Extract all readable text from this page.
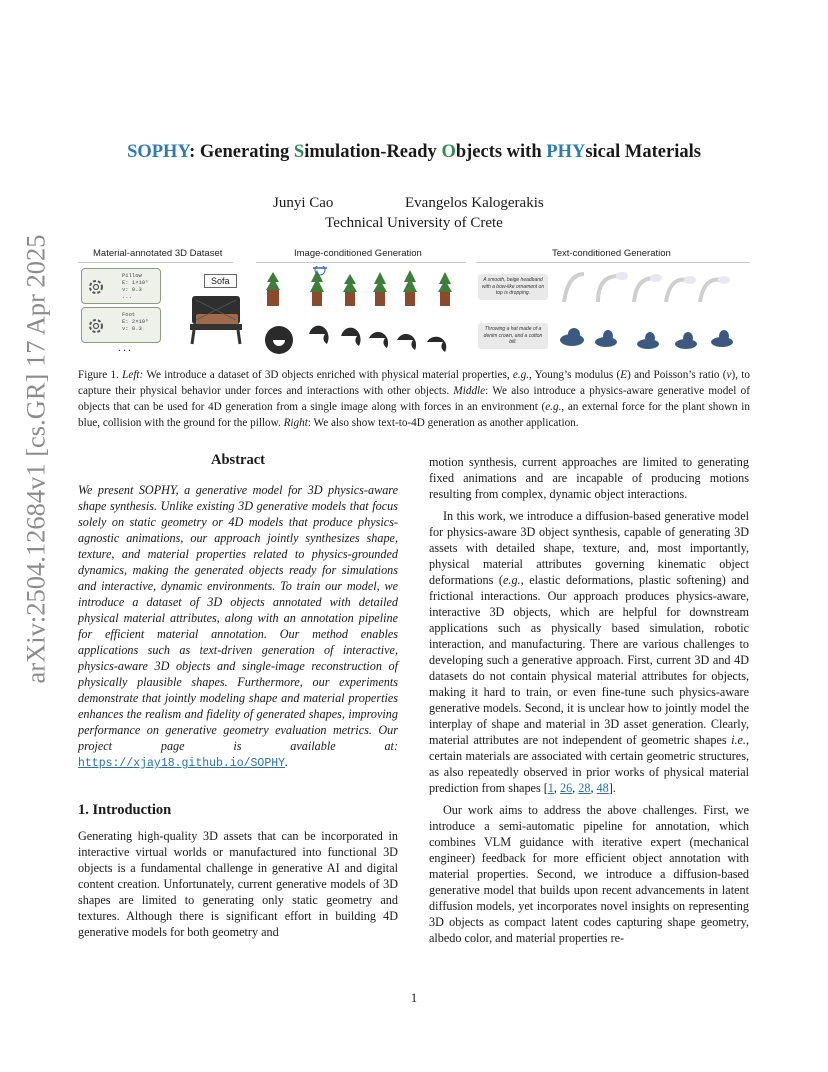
arXiv:2504.12684v1 [cs.GR] 17 Apr 2025
SOPHY: Generating Simulation-Ready Objects with PHYsical Materials
Junyi Cao	Evangelos Kalogerakis
Technical University of Crete
Material-annotated 3D Dataset	Image-conditioned Generation	Text-conditioned Generation
Pillow
E: 1×10⁵
ν: 0.3
...
Foot
E: 2×10⁶
ν: 0.3
...
Sofa	A smooth, beige headband with a bow-like ornament on top is dropping.
Throwing a hat made of a denim crown, and a cotton bill.
Figure 1. Left: We introduce a dataset of 3D objects enriched with physical material properties, e.g., Young’s modulus (E) and Poisson’s ratio (ν), to capture their physical behavior under forces and interactions with other objects. Middle: We also introduce a physics-aware generative model of objects that can be used for 4D generation from a single image along with forces in an environment (e.g., an external force for the plant shown in blue, collision with the ground for the pillow. Right: We also show text-to-4D generation as another application.
Abstract

We present SOPHY, a generative model for 3D physics-aware shape synthesis. Unlike existing 3D generative models that focus solely on static geometry or 4D models that produce physics-agnostic animations, our approach jointly synthesizes shape, texture, and material properties related to physics-grounded dynamics, making the generated objects ready for simulations and interactive, dynamic environments. To train our model, we introduce a dataset of 3D objects annotated with detailed physical material attributes, along with an annotation pipeline for efficient material annotation. Our method enables applications such as text-driven generation of interactive, physics-aware 3D objects and single-image reconstruction of physically plausible shapes. Furthermore, our experiments demonstrate that jointly modeling shape and material properties enhances the realism and fidelity of generated shapes, improving performance on generative geometry evaluation metrics. Our project page is available at: https://xjay18.github.io/SOPHY.

1. Introduction

Generating high-quality 3D assets that can be incorporated in interactive virtual worlds or manufactured into functional 3D objects is a fundamental challenge in generative AI and digital content creation. Unfortunately, current generative models of 3D shapes are limited to generating only static geometry and textures. Although there is significant effort in building 4D generative models for both geometry and

motion synthesis, current approaches are limited to generating fixed animations and are incapable of producing motions resulting from complex, dynamic object interactions.

In this work, we introduce a diffusion-based generative model for physics-aware 3D object synthesis, capable of generating 3D assets with detailed shape, texture, and, most importantly, physical material attributes governing kinematic object deformations (e.g., elastic deformations, plastic softening) and frictional interactions. Our approach produces physics-aware, interactive 3D objects, which are helpful for downstream applications such as physically based simulation, robotic interaction, and manufacturing. There are various challenges to developing such a generative approach. First, current 3D and 4D datasets do not contain physical material attributes for objects, making it hard to train, or even fine-tune such physics-aware generative models. Second, it is unclear how to jointly model the interplay of shape and material in 3D asset generation. Clearly, material attributes are not independent of geometric shapes i.e., certain materials are associated with certain geometric structures, as also repeatedly observed in prior works of physical material prediction from shapes [1, 26, 28, 48].

Our work aims to address the above challenges. First, we introduce a semi-automatic pipeline for annotation, which combines VLM guidance with iterative expert (mechanical engineer) feedback for more efficient object annotation with material properties. Second, we introduce a diffusion-based generative model that builds upon recent advancements in latent diffusion models, yet incorporates novel insights on representing 3D objects as compact latent codes capturing shape geometry, albedo color, and material properties re-

1
